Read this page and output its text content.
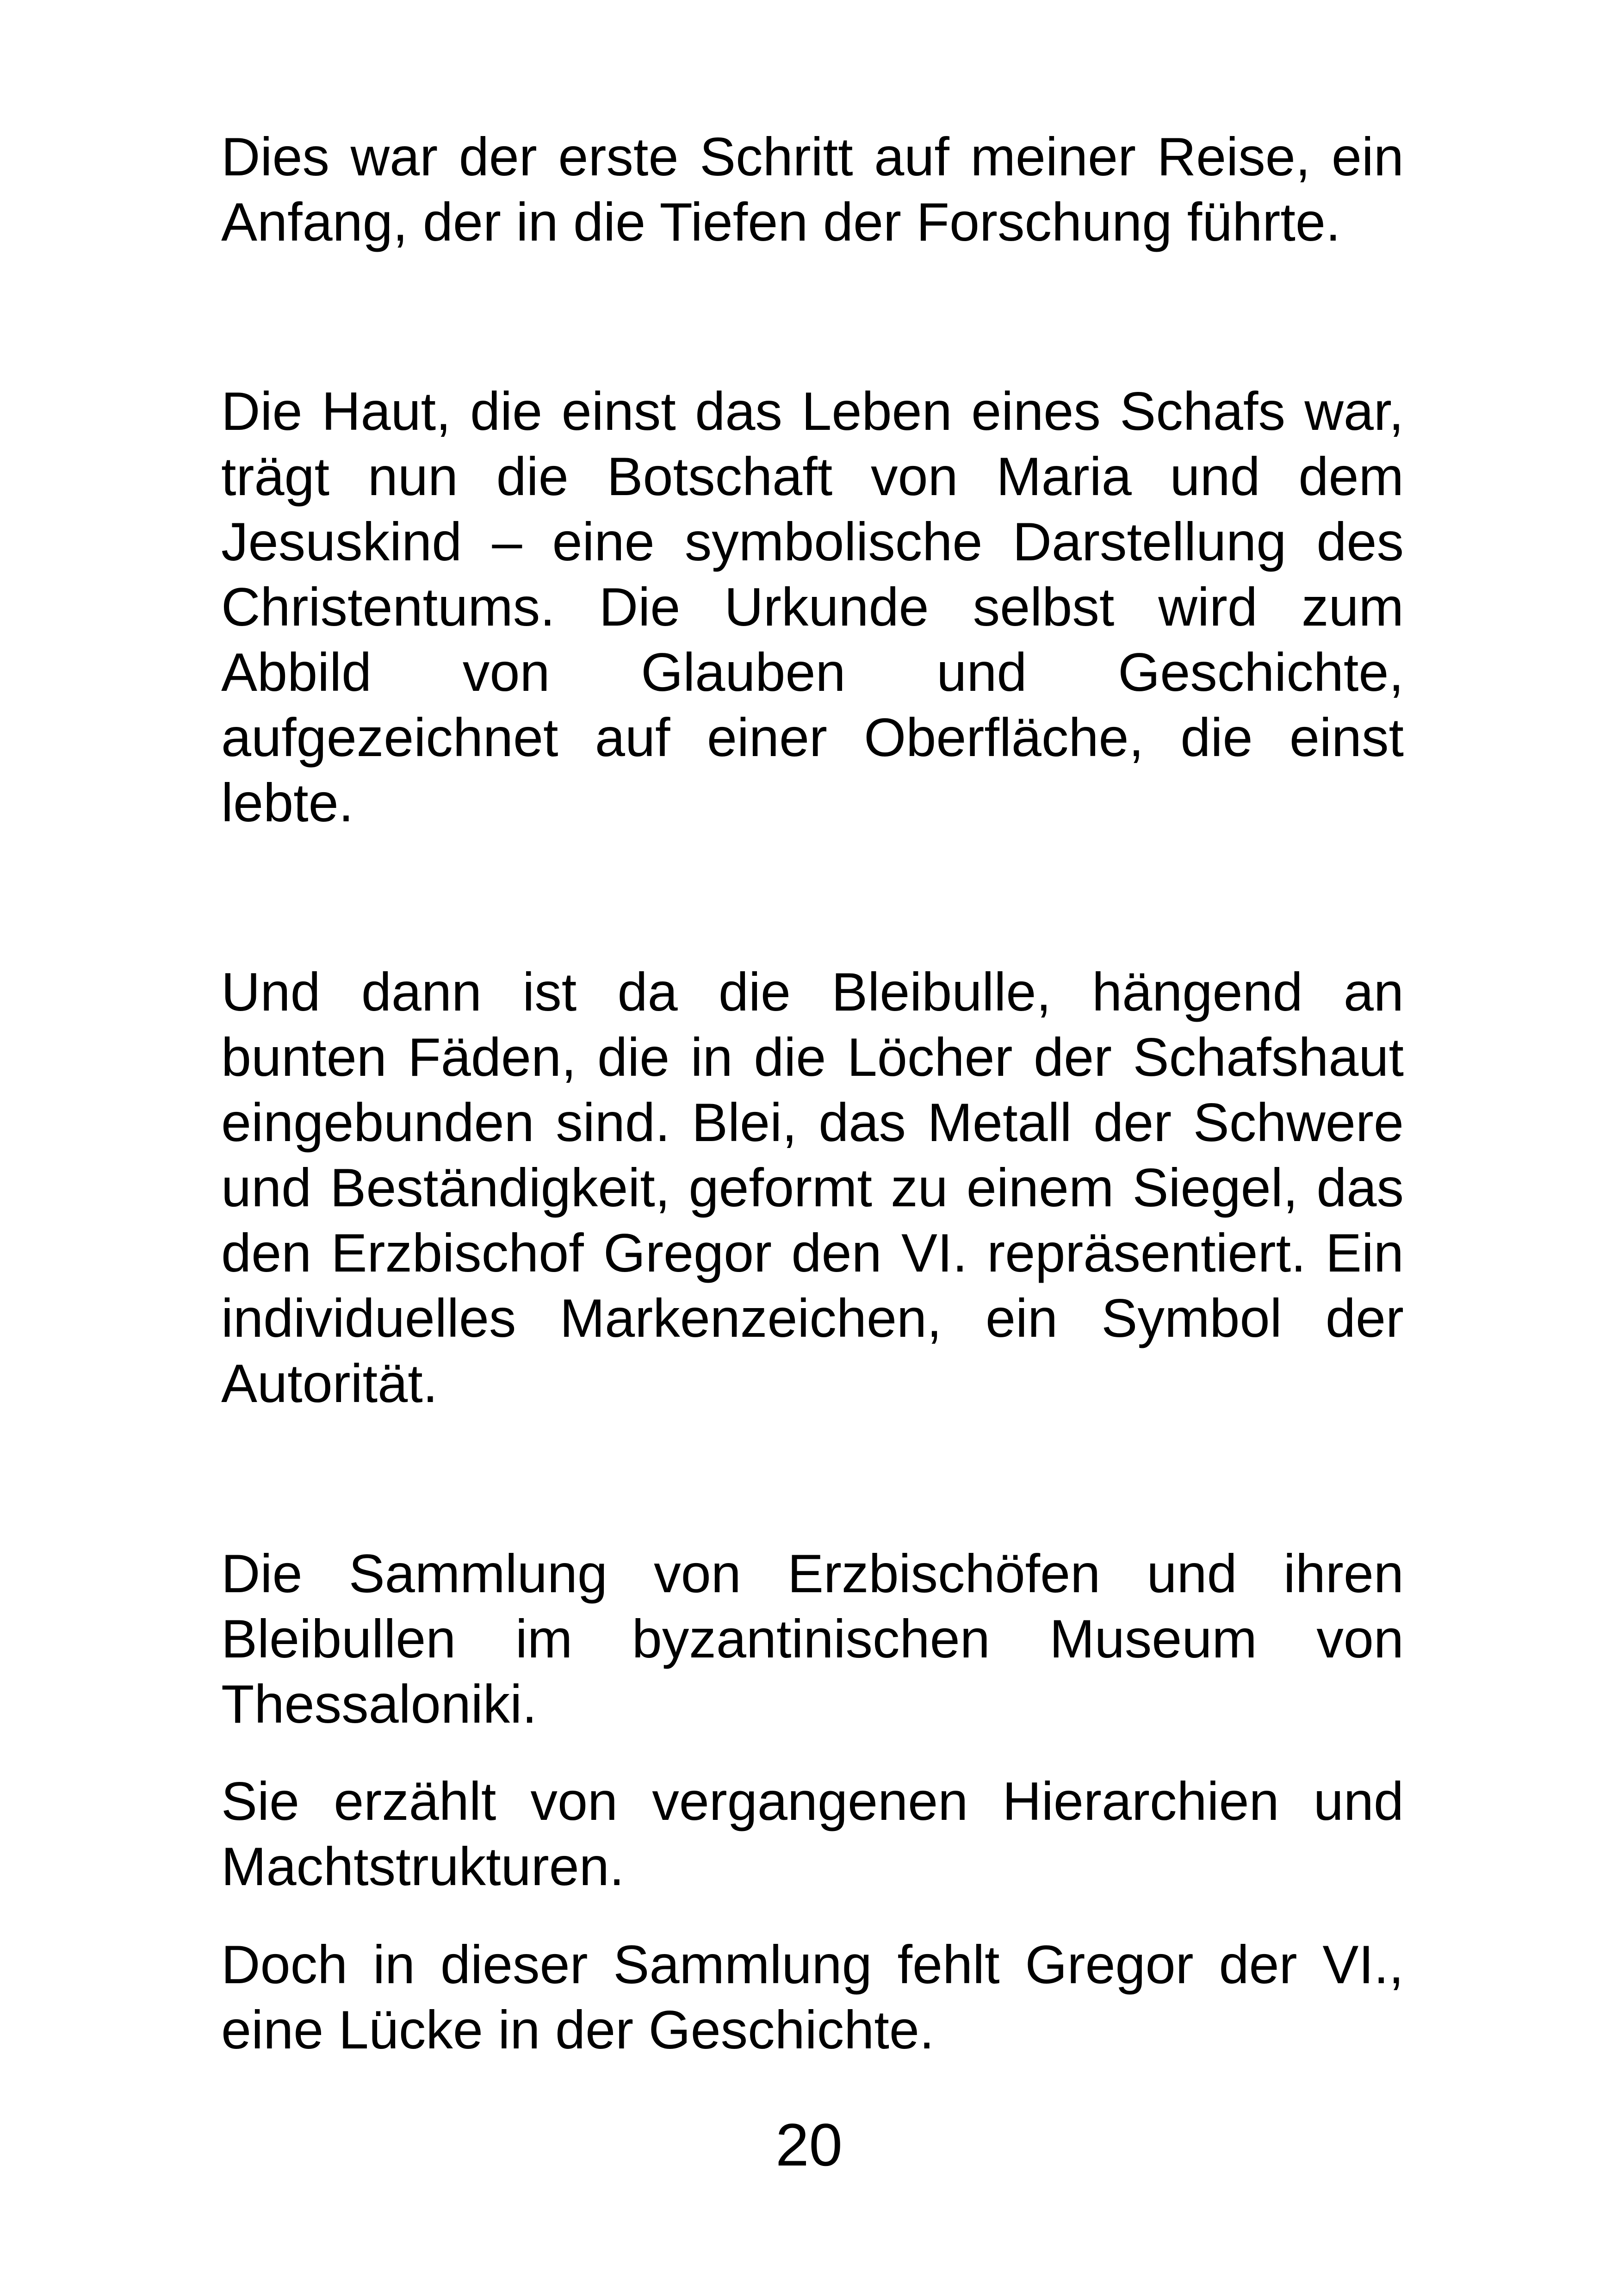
Dies war der erste Schritt auf meiner Reise, ein Anfang, der in die Tiefen der Forschung führte.

Die Haut, die einst das Leben eines Schafs war, trägt nun die Botschaft von Maria und dem Jesuskind – eine symbolische Darstellung des Christentums. Die Urkunde selbst wird zum Abbild von Glauben und Geschichte, aufgezeichnet auf einer Oberfläche, die einst lebte.

Und dann ist da die Bleibulle, hängend an bunten Fäden, die in die Löcher der Schafshaut eingebunden sind. Blei, das Metall der Schwere und Beständigkeit, geformt zu einem Siegel, das den Erzbischof Gregor den VI. repräsentiert. Ein individuelles Markenzeichen, ein Symbol der Autorität.

Die Sammlung von Erzbischöfen und ihren Bleibullen im byzantinischen Museum von Thessaloniki.

Sie erzählt von vergangenen Hierarchien und Machtstrukturen.

Doch in dieser Sammlung fehlt Gregor der VI., eine Lücke in der Geschichte.

20
